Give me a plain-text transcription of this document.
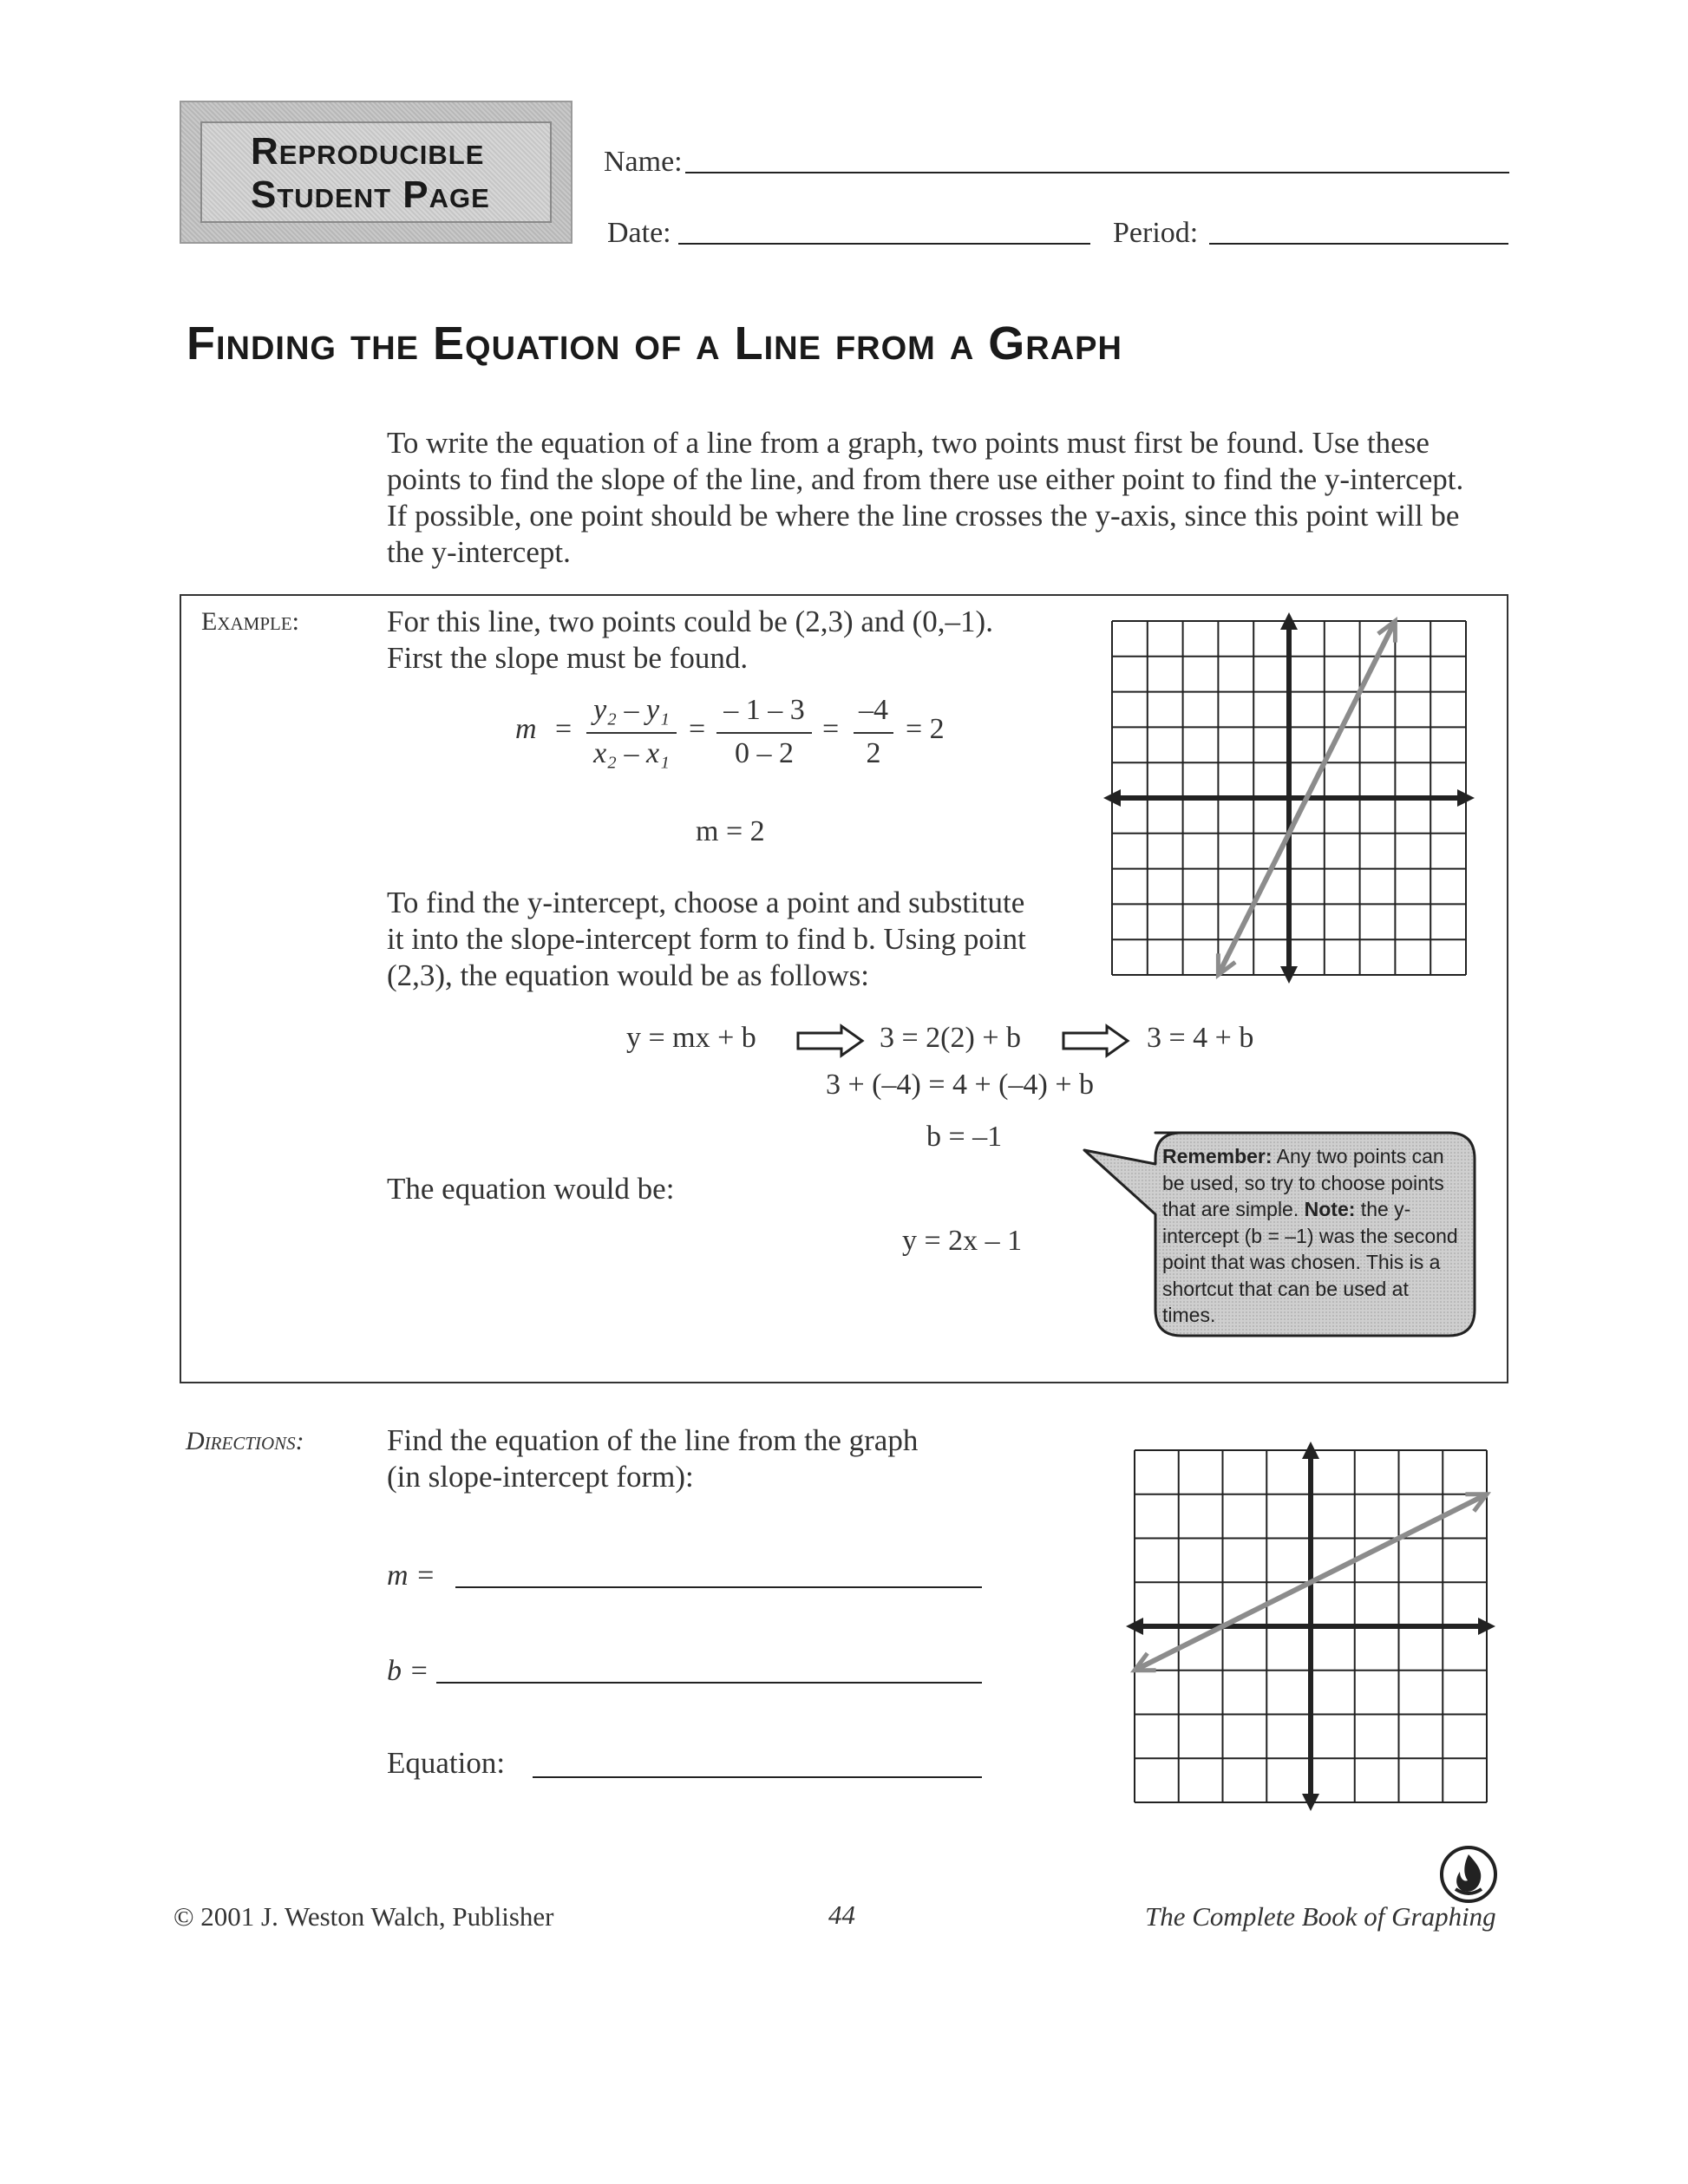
Reproducible
Student Page
Name:
Date:	Period:
Finding the Equation of a Line from a Graph
To write the equation of a line from a graph, two points must first be found. Use these
points to find the slope of the line, and from there use either point to find the y-intercept.
If possible, one point should be where the line crosses the y-axis, since this point will be
the y-intercept.
Example:	For this line, two points could be (2,3) and (0,–1).
First the slope must be found.
m =
y₂ – y₁
x₂ – x₁
=
– 1 – 3
0 – 2
=
–4
2
= 2
m = 2
To find the y-intercept, choose a point and substitute
it into the slope-intercept form to find b. Using point
(2,3), the equation would be as follows:
y = mx + b	3 = 2(2) + b	3 = 4 + b
3 + (–4) = 4 + (–4) + b
b = –1
The equation would be:
y = 2x – 1
Remember: Any two points can be used, so try to choose points that are simple. Note: the y-intercept (b = –1) was the second point that was chosen. This is a shortcut that can be used at times.
Directions:	Find the equation of the line from the graph
(in slope-intercept form):
m =
b =
Equation:
© 2001 J. Weston Walch, Publisher	44	The Complete Book of Graphing
